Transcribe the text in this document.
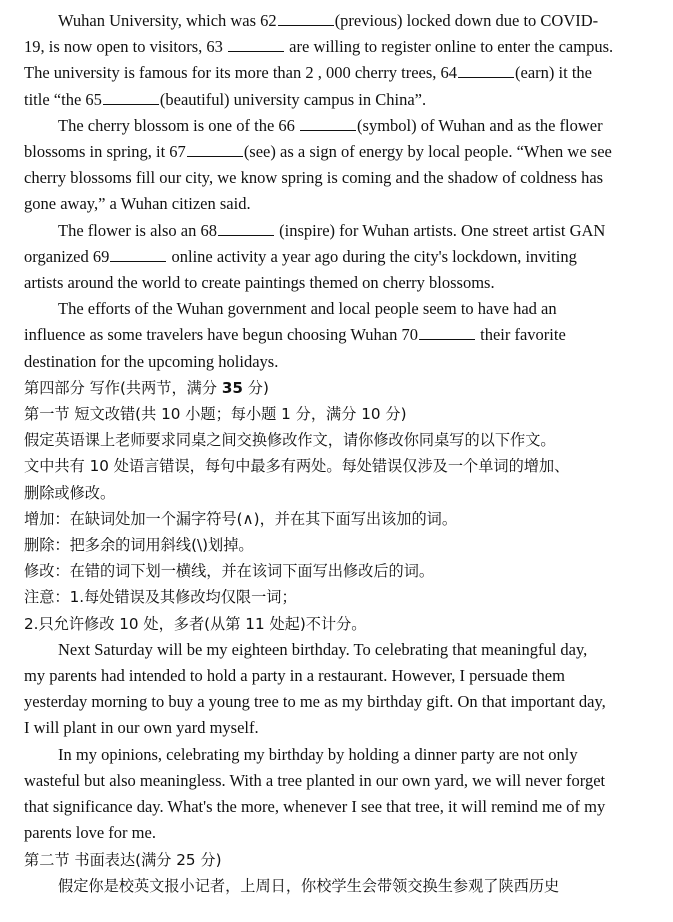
Wuhan University, which was 62	(previous) locked down due to COVID-

19, is now open to visitors, 63	are willing to register online to enter the campus.

The university is famous for its more than 2 , 000 cherry trees, 64	(earn) it the

title “the 65	(beautiful) university campus in China”.

The cherry blossom is one of the 66	(symbol) of Wuhan and as the flower

blossoms in spring, it 67	(see) as a sign of energy by local people. “When we see

cherry blossoms fill our city, we know spring is coming and the shadow of coldness has

gone away,” a Wuhan citizen said.

The flower is also an 68	(inspire) for Wuhan artists. One street artist GAN

organized 69	online activity a year ago during the city's lockdown, inviting

artists around the world to create paintings themed on cherry blossoms.

The efforts of the Wuhan government and local people seem to have had an

influence as some travelers have begun choosing Wuhan 70	their favorite

destination for the upcoming holidays.

第四部分 写作(共两节，满分 35 分)
第一节 短文改错(共 10 小题；每小题 1 分，满分 10 分)
假定英语课上老师要求同桌之间交换修改作文，请你修改你同桌写的以下作文。
文中共有 10 处语言错误，每句中最多有两处。每处错误仅涉及一个单词的增加、
删除或修改。
增加：在缺词处加一个漏字符号(∧)，并在其下面写出该加的词。
删除：把多余的词用斜线(\)划掉。
修改：在错的词下划一横线，并在该词下面写出修改后的词。
注意：1.每处错误及其修改均仅限一词；
2.只允许修改 10 处，多者(从第 11 处起)不计分。

Next Saturday will be my eighteen birthday. To celebrating that meaningful day,

my parents had intended to hold a party in a restaurant. However, I persuade them

yesterday morning to buy a young tree to me as my birthday gift. On that important day,

I will plant in our own yard myself.

In my opinions, celebrating my birthday by holding a dinner party are not only

wasteful but also meaningless. With a tree planted in our own yard, we will never forget

that significance day. What's the more, whenever I see that tree, it will remind me of my

parents love for me.

第二节 书面表达(满分 25 分)
假定你是校英文报小记者，上周日，你校学生会带领交换生参观了陕西历史
